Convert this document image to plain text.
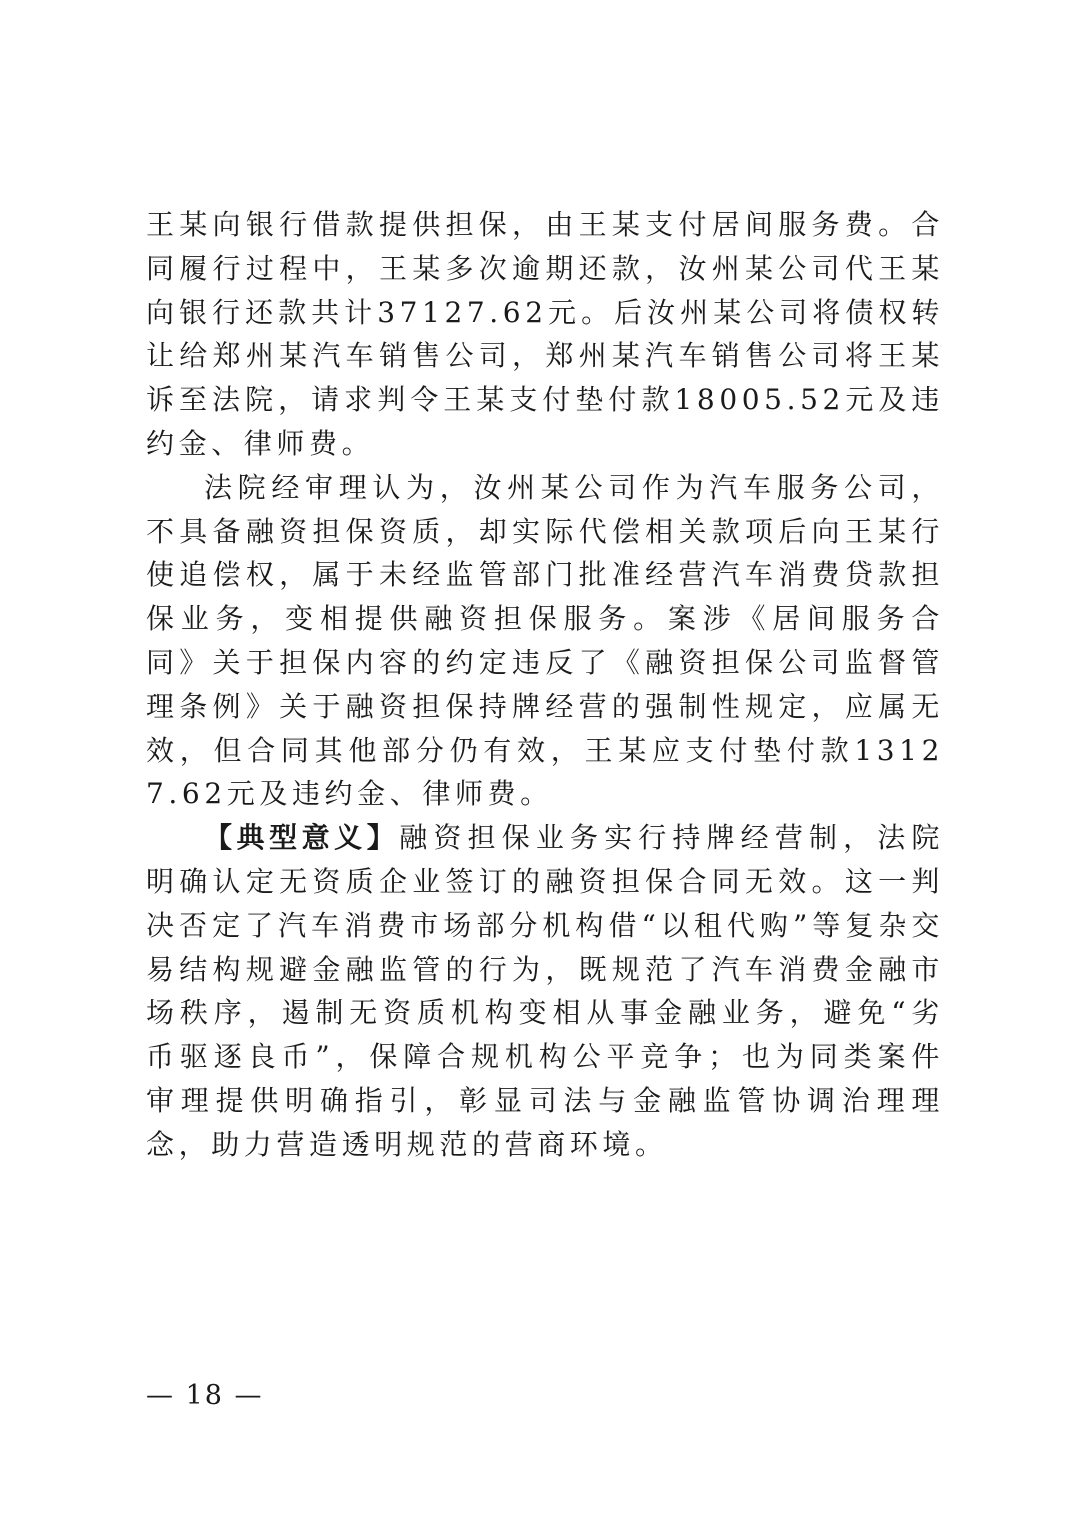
王某向银行借款提供担保，由王某支付居间服务费。合同履行过程中，王某多次逾期还款，汝州某公司代王某向银行还款共计37127.62元。后汝州某公司将债权转让给郑州某汽车销售公司，郑州某汽车销售公司将王某诉至法院，请求判令王某支付垫付款18005.52元及违约金、律师费。

法院经审理认为，汝州某公司作为汽车服务公司，不具备融资担保资质，却实际代偿相关款项后向王某行使追偿权，属于未经监管部门批准经营汽车消费贷款担保业务，变相提供融资担保服务。案涉《居间服务合同》关于担保内容的约定违反了《融资担保公司监督管理条例》关于融资担保持牌经营的强制性规定，应属无效，但合同其他部分仍有效，王某应支付垫付款13127.62元及违约金、律师费。

【典型意义】融资担保业务实行持牌经营制，法院明确认定无资质企业签订的融资担保合同无效。这一判决否定了汽车消费市场部分机构借“以租代购”等复杂交易结构规避金融监管的行为，既规范了汽车消费金融市场秩序，遏制无资质机构变相从事金融业务，避免“劣币驱逐良币”，保障合规机构公平竞争；也为同类案件审理提供明确指引，彰显司法与金融监管协调治理理念，助力营造透明规范的营商环境。

— 18 —
